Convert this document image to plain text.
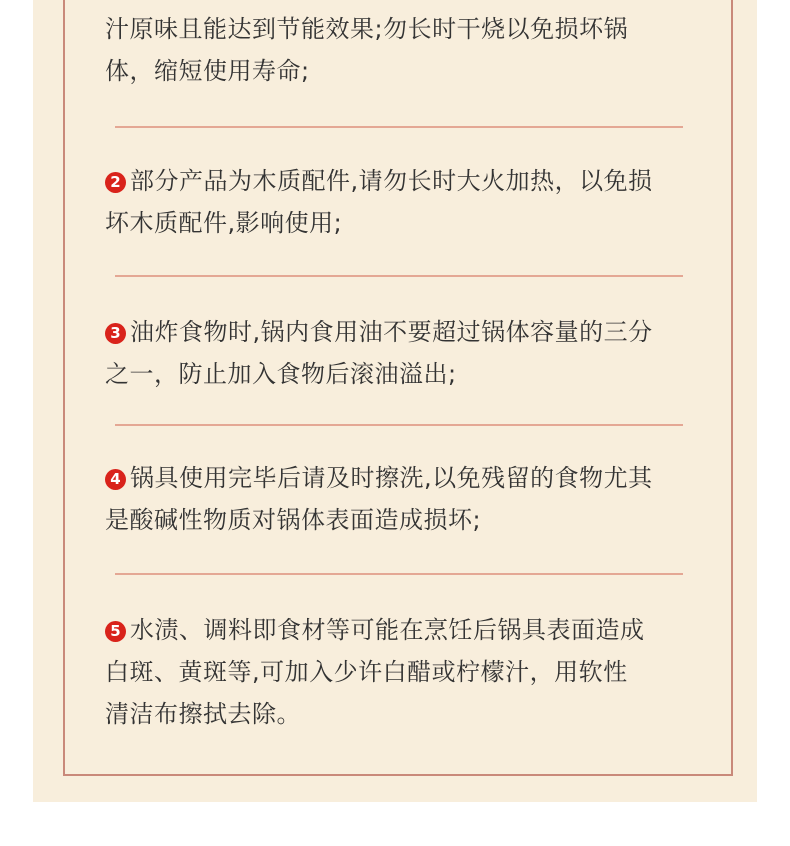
汁原味且能达到节能效果;勿长时干烧以免损坏锅
体，缩短使用寿命;

2 部分产品为木质配件,请勿长时大火加热，以免损
坏木质配件,影响使用;

3 油炸食物时,锅内食用油不要超过锅体容量的三分
之一，防止加入食物后滚油溢出;

4 锅具使用完毕后请及时擦洗,以免残留的食物尤其
是酸碱性物质对锅体表面造成损坏;

5 水渍、调料即食材等可能在烹饪后锅具表面造成
白斑、黄斑等,可加入少许白醋或柠檬汁，用软性
清洁布擦拭去除。
